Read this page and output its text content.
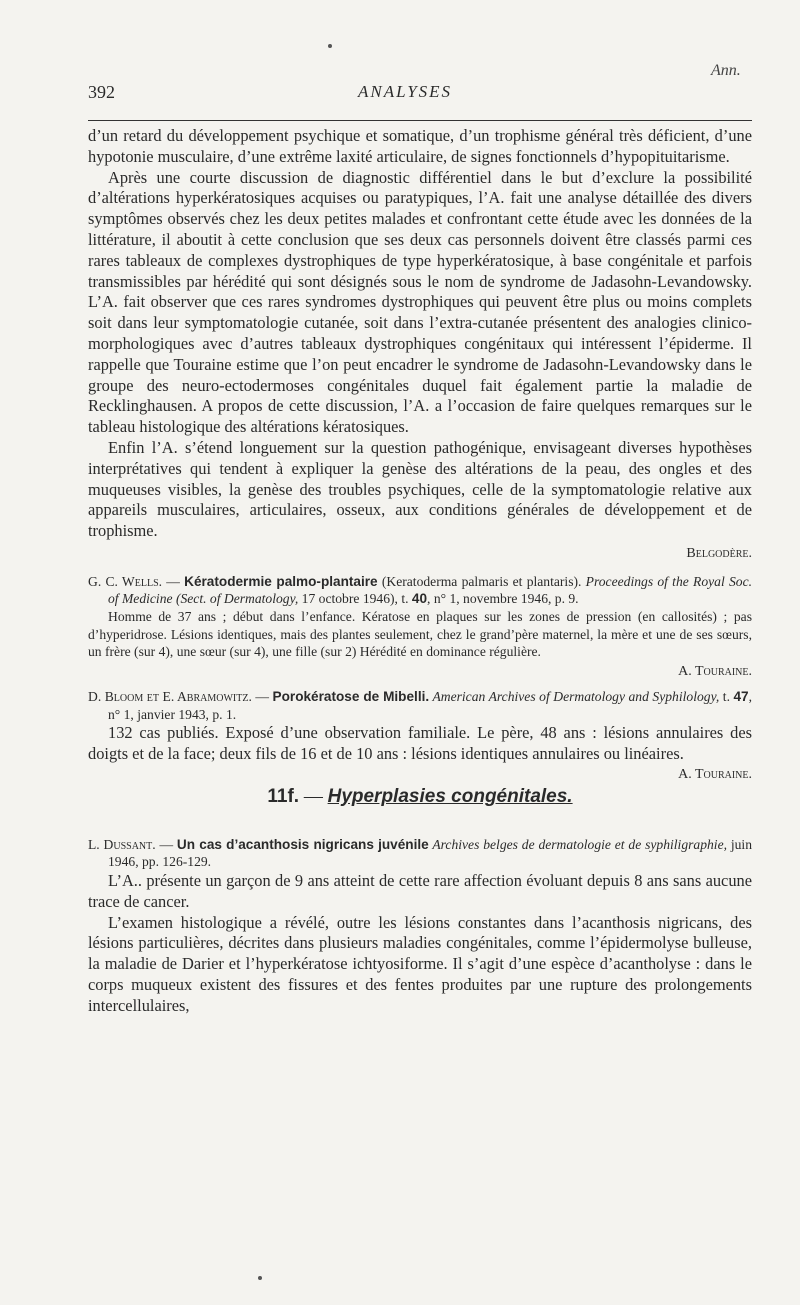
Ann.
392	ANALYSES

d’un retard du développement psychique et somatique, d’un trophisme général très déficient, d’une hypotonie musculaire, d’une extrême laxité articulaire, de signes fonctionnels d’hypopituitarisme.

Après une courte discussion de diagnostic différentiel dans le but d’exclure la possibilité d’altérations hyperkératosiques acquises ou paratypiques, l’A. fait une analyse détaillée des divers symptômes observés chez les deux petites malades et confrontant cette étude avec les données de la littérature, il aboutit à cette conclusion que ses deux cas personnels doivent être classés parmi ces rares tableaux de complexes dystrophiques de type hyperkératosique, à base congénitale et parfois transmissibles par hérédité qui sont désignés sous le nom de syndrome de Jadasohn-Levandowsky. L’A. fait observer que ces rares syndromes dystrophiques qui peuvent être plus ou moins complets soit dans leur symptomatologie cutanée, soit dans l’extra-cutanée présentent des analogies clinico-morphologiques avec d’autres tableaux dystrophiques congénitaux qui intéressent l’épiderme. Il rappelle que Touraine estime que l’on peut encadrer le syndrome de Jadasohn-Levandowsky dans le groupe des neuro-ectodermoses congénitales duquel fait également partie la maladie de Recklinghausen. A propos de cette discussion, l’A. a l’occasion de faire quelques remarques sur le tableau histologique des altérations kératosiques.

Enfin l’A. s’étend longuement sur la question pathogénique, envisageant diverses hypothèses interprétatives qui tendent à expliquer la genèse des altérations de la peau, des ongles et des muqueuses visibles, la genèse des troubles psychiques, celle de la symptomatologie relative aux appareils musculaires, articulaires, osseux, aux conditions générales de développement et de trophisme.

Belgodère.

G. C. Wells. — Kératodermie palmo-plantaire (Keratoderma palmaris et plantaris). Proceedings of the Royal Soc. of Medicine (Sect. of Dermatology, 17 octobre 1946), t. 40, n° 1, novembre 1946, p. 9.

Homme de 37 ans ; début dans l’enfance. Kératose en plaques sur les zones de pression (en callosités) ; pas d’hyperidrose. Lésions identiques, mais des plantes seulement, chez le grand’père maternel, la mère et une de ses sœurs, un frère (sur 4), une sœur (sur 4), une fille (sur 2) Hérédité en dominance régulière.

A. Touraine.

D. Bloom et E. Abramowitz. — Porokératose de Mibelli. American Archives of Dermatology and Syphilology, t. 47, n° 1, janvier 1943, p. 1.

132 cas publiés. Exposé d’une observation familiale. Le père, 48 ans : lésions annulaires des doigts et de la face; deux fils de 16 et de 10 ans : lésions identiques annulaires ou linéaires.
A. Touraine.

11f. — Hyperplasies congénitales.

L. Dussant. — Un cas d’acanthosis nigricans juvénile Archives belges de dermatologie et de syphiligraphie, juin 1946, pp. 126-129.

L’A.. présente un garçon de 9 ans atteint de cette rare affection évoluant depuis 8 ans sans aucune trace de cancer.

L’examen histologique a révélé, outre les lésions constantes dans l’acanthosis nigricans, des lésions particulières, décrites dans plusieurs maladies congénitales, comme l’épidermolyse bulleuse, la maladie de Darier et l’hyperkératose ichtyosiforme. Il s’agit d’une espèce d’acantholyse : dans le corps muqueux existent des fissures et des fentes produites par une rupture des prolongements intercellulaires,
